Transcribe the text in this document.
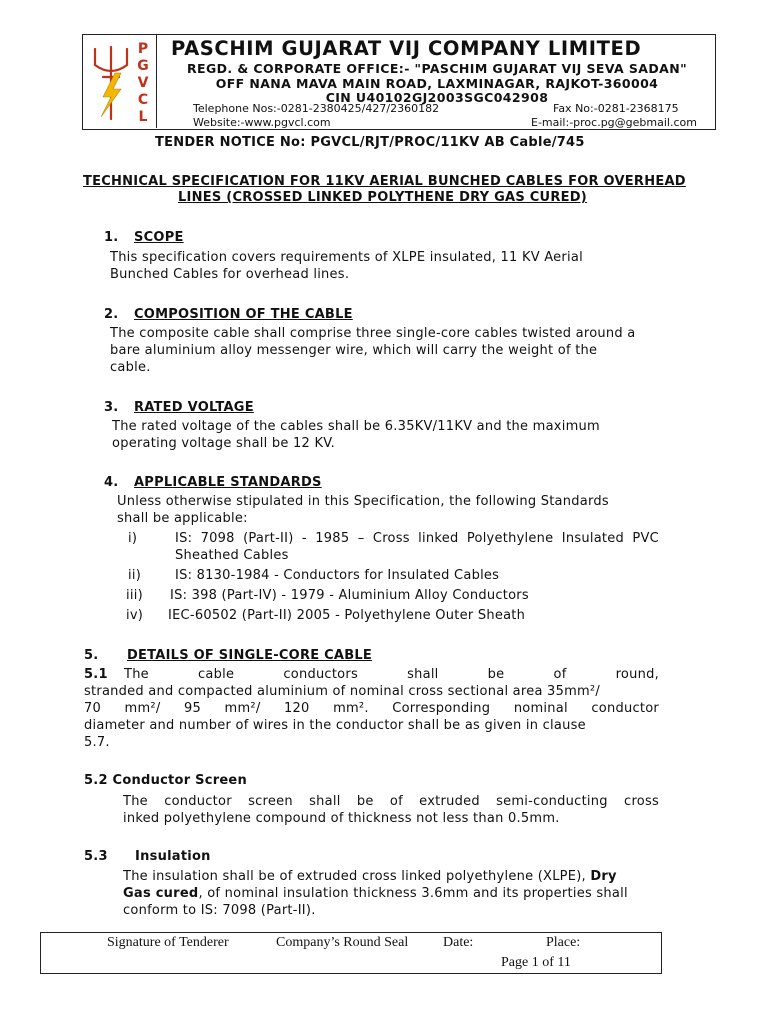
P
G
V
C
L
PASCHIM GUJARAT VIJ COMPANY LIMITED
REGD. & CORPORATE OFFICE:- "PASCHIM GUJARAT VIJ SEVA SADAN"
OFF NANA MAVA MAIN ROAD, LAXMINAGAR, RAJKOT-360004
CIN U40102GJ2003SGC042908
Telephone Nos:-0281-2380425/427/2360182	Fax No:-0281-2368175
Website:-www.pgvcl.com	E-mail:-proc.pg@gebmail.com
TENDER NOTICE No: PGVCL/RJT/PROC/11KV AB Cable/745
TECHNICAL SPECIFICATION FOR 11KV AERIAL BUNCHED CABLES FOR OVERHEAD
LINES (CROSSED LINKED POLYTHENE DRY GAS CURED)
1. SCOPE
This specification covers requirements of XLPE insulated, 11 KV Aerial
Bunched Cables for overhead lines.
2. COMPOSITION OF THE CABLE
The composite cable shall comprise three single-core cables twisted around a
bare aluminium alloy messenger wire, which will carry the weight of the
cable.
3. RATED VOLTAGE
The rated voltage of the cables shall be 6.35KV/11KV and the maximum
operating voltage shall be 12 KV.
4. APPLICABLE STANDARDS
Unless otherwise stipulated in this Specification, the following Standards
shall be applicable:
i)	IS: 7098 (Part-II) - 1985 – Cross linked Polyethylene Insulated PVC
Sheathed Cables
ii)	IS: 8130-1984 - Conductors for Insulated Cables
iii) IS: 398 (Part-IV) - 1979 - Aluminium Alloy Conductors
iv) IEC-60502 (Part-II) 2005 - Polyethylene Outer Sheath
5. DETAILS OF SINGLE-CORE CABLE
5.1 The cable conductors shall be of round,
stranded and compacted aluminium of nominal cross sectional area 35mm²/
70 mm²/ 95 mm²/ 120 mm². Corresponding nominal conductor
diameter and number of wires in the conductor shall be as given in clause
5.7.
5.2 Conductor Screen
The conductor screen shall be of extruded semi-conducting cross
inked polyethylene compound of thickness not less than 0.5mm.
5.3 Insulation
The insulation shall be of extruded cross linked polyethylene (XLPE), Dry
Gas cured, of nominal insulation thickness 3.6mm and its properties shall
conform to IS: 7098 (Part-II).
Signature of Tenderer	Company’s Round Seal Date:	Place:
Page 1 of 11
